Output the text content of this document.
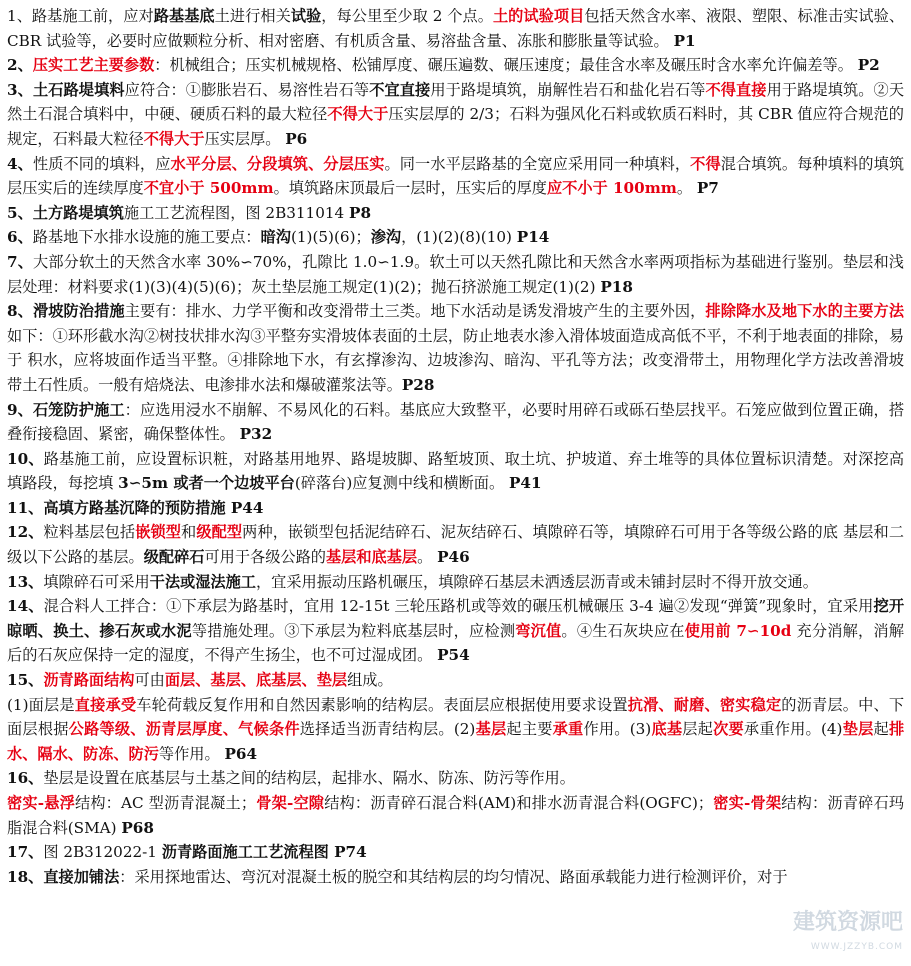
1、路基施工前，应对路基基底土进行相关试验，每公里至少取 2 个点。土的试验项目包括天然含水率、液限、塑限、标准击实试验、CBR 试验等，必要时应做颗粒分析、相对密磨、有机质含量、易溶盐含量、冻胀和膨胀量等试验。 P1

2、压实工艺主要参数：机械组合；压实机械规格、松铺厚度、碾压遍数、碾压速度；最佳含水率及碾压时含水率允许偏差等。 P2

3、土石路堤填料应符合：①膨胀岩石、易溶性岩石等不宜直接用于路堤填筑，崩解性岩石和盐化岩石等不得直接用于路堤填筑。②天然土石混合填料中，中硬、硬质石料的最大粒径不得大于压实层厚的 2/3；石料为强风化石料或软质石料时，其 CBR 值应符合规范的规定，石料最大粒径不得大于压实层厚。 P6

4、性质不同的填料，应水平分层、分段填筑、分层压实。同一水平层路基的全宽应采用同一种填料，不得混合填筑。每种填料的填筑层压实后的连续厚度不宜小于 500mm。填筑路床顶最后一层时，压实后的厚度应不小于 100mm。 P7

5、土方路堤填筑施工工艺流程图，图 2B311014 P8

6、路基地下水排水设施的施工要点：暗沟(1)(5)(6)；渗沟，(1)(2)(8)(10) P14

7、大部分软土的天然含水率 30%∽70%，孔隙比 1.0∽1.9。软土可以天然孔隙比和天然含水率两项指标为基础进行鉴别。垫层和浅层处理：材料要求(1)(3)(4)(5)(6)；灰土垫层施工规定(1)(2)；抛石挤淤施工规定(1)(2) P18

8、滑坡防治措施主要有：排水、力学平衡和改变滑带土三类。地下水活动是诱发滑坡产生的主要外因，排除降水及地下水的主要方法如下：①环形截水沟②树技状排水沟③平整夯实滑坡体表面的土层，防止地表水渗入滑体坡面造成高低不平，不利于地表面的排除，易于 积水，应将坡面作适当平整。④排除地下水，有玄撑渗沟、边坡渗沟、暗沟、平孔等方法；改变滑带土，用物理化学方法改善滑坡带土石性质。一般有焙烧法、电渗排水法和爆破灌浆法等。P28

9、石笼防护施工：应选用浸水不崩解、不易风化的石料。基底应大致整平，必要时用碎石或砾石垫层找平。石笼应做到位置正确，搭叠衔接稳固、紧密，确保整体性。 P32

10、路基施工前，应设置标识粧，对路基用地界、路堤坡脚、路堑坡顶、取土坑、护坡道、弃土堆等的具体位置标识清楚。对深挖高填路段，每挖填 3∽5m 或者一个边坡平台(碎落台)应复测中线和横断面。 P41

11、高填方路基沉降的预防措施 P44

12、粒料基层包括嵌锁型和级配型两种，嵌锁型包括泥结碎石、泥灰结碎石、填隙碎石等，填隙碎石可用于各等级公路的底 基层和二级以下公路的基层。级配碎石可用于各级公路的基层和底基层。 P46

13、填隙碎石可采用干法或湿法施工，宜采用振动压路机碾压，填隙碎石基层未洒透层沥青或未铺封层时不得开放交通。

14、混合料人工拌合：①下承层为路基时，宜用 12-15t 三轮压路机或等效的碾压机械碾压 3-4 遍②发现“弹簧”现象时，宜采用挖开晾晒、换土、掺石灰或水泥等措施处理。③下承层为粒料底基层时，应检测弯沉值。④生石灰块应在使用前 7∽10d 充分消解，消解后的石灰应保持一定的湿度，不得产生扬尘，也不可过湿成团。 P54

15、沥青路面结构可由面层、基层、底基层、垫层组成。

(1)面层是直接承受车轮荷载反复作用和自然因素影响的结构层。表面层应根据使用要求设置抗滑、耐磨、密实稳定的沥青层。中、下面层根据公路等级、沥青层厚度、气候条件选择适当沥青结构层。(2)基层起主要承重作用。(3)底基层起次要承重作用。(4)垫层起排水、隔水、防冻、防污等作用。 P64

16、垫层是设置在底基层与土基之间的结构层，起排水、隔水、防冻、防污等作用。

密实-悬浮结构：AC 型沥青混凝土；骨架-空隙结构：沥青碎石混合料(AM)和排水沥青混合料(OGFC)；密实-骨架结构：沥青碎石玛脂混合料(SMA) P68

17、图 2B312022-1 沥青路面施工工艺流程图 P74

18、直接加铺法：采用探地雷达、弯沉对混凝土板的脱空和其结构层的均匀情况、路面承载能力进行检测评价，对于

建筑资源吧
WWW.JZZYB.COM
